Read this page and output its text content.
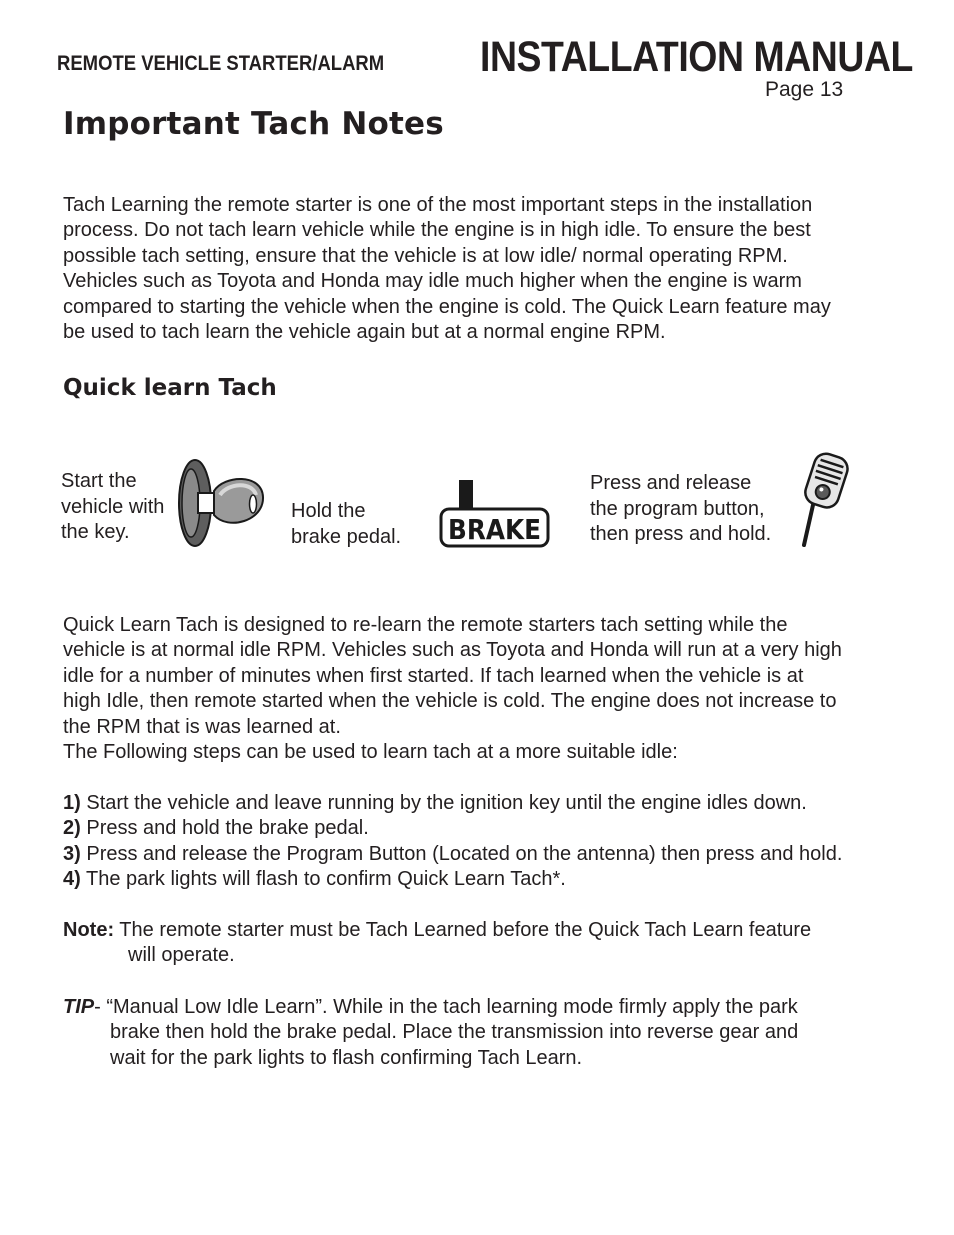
REMOTE VEHICLE STARTER/ALARM INSTALLATION MANUAL
Page 13
Important Tach Notes
Tach Learning the remote starter is one of the most important steps in the installation
process. Do not tach learn vehicle while the engine is in high idle. To ensure the best
possible tach setting, ensure that the vehicle is at low idle/ normal operating RPM.
Vehicles such as Toyota and Honda may idle much higher when the engine is warm
compared to starting the vehicle when the engine is cold. The Quick Learn feature may
be used to tach learn the vehicle again but at a normal engine RPM.
Quick learn Tach
Start the
vehicle with
the key.
Hold the
brake pedal. BRAKE
Press and release
the program button,
then press and hold.
Quick Learn Tach is designed to re-learn the remote starters tach setting while the
vehicle is at normal idle RPM. Vehicles such as Toyota and Honda will run at a very high
idle for a number of minutes when first started. If tach learned when the vehicle is at
high Idle, then remote started when the vehicle is cold. The engine does not increase to
the RPM that is was learned at.
The Following steps can be used to learn tach at a more suitable idle:
1) Start the vehicle and leave running by the ignition key until the engine idles down.
2) Press and hold the brake pedal.
3) Press and release the Program Button (Located on the antenna) then press and hold.
4) The park lights will flash to confirm Quick Learn Tach*.
Note: The remote starter must be Tach Learned before the Quick Tach Learn feature
will operate.
TIP- “Manual Low Idle Learn”. While in the tach learning mode firmly apply the park
brake then hold the brake pedal. Place the transmission into reverse gear and
wait for the park lights to flash confirming Tach Learn.
